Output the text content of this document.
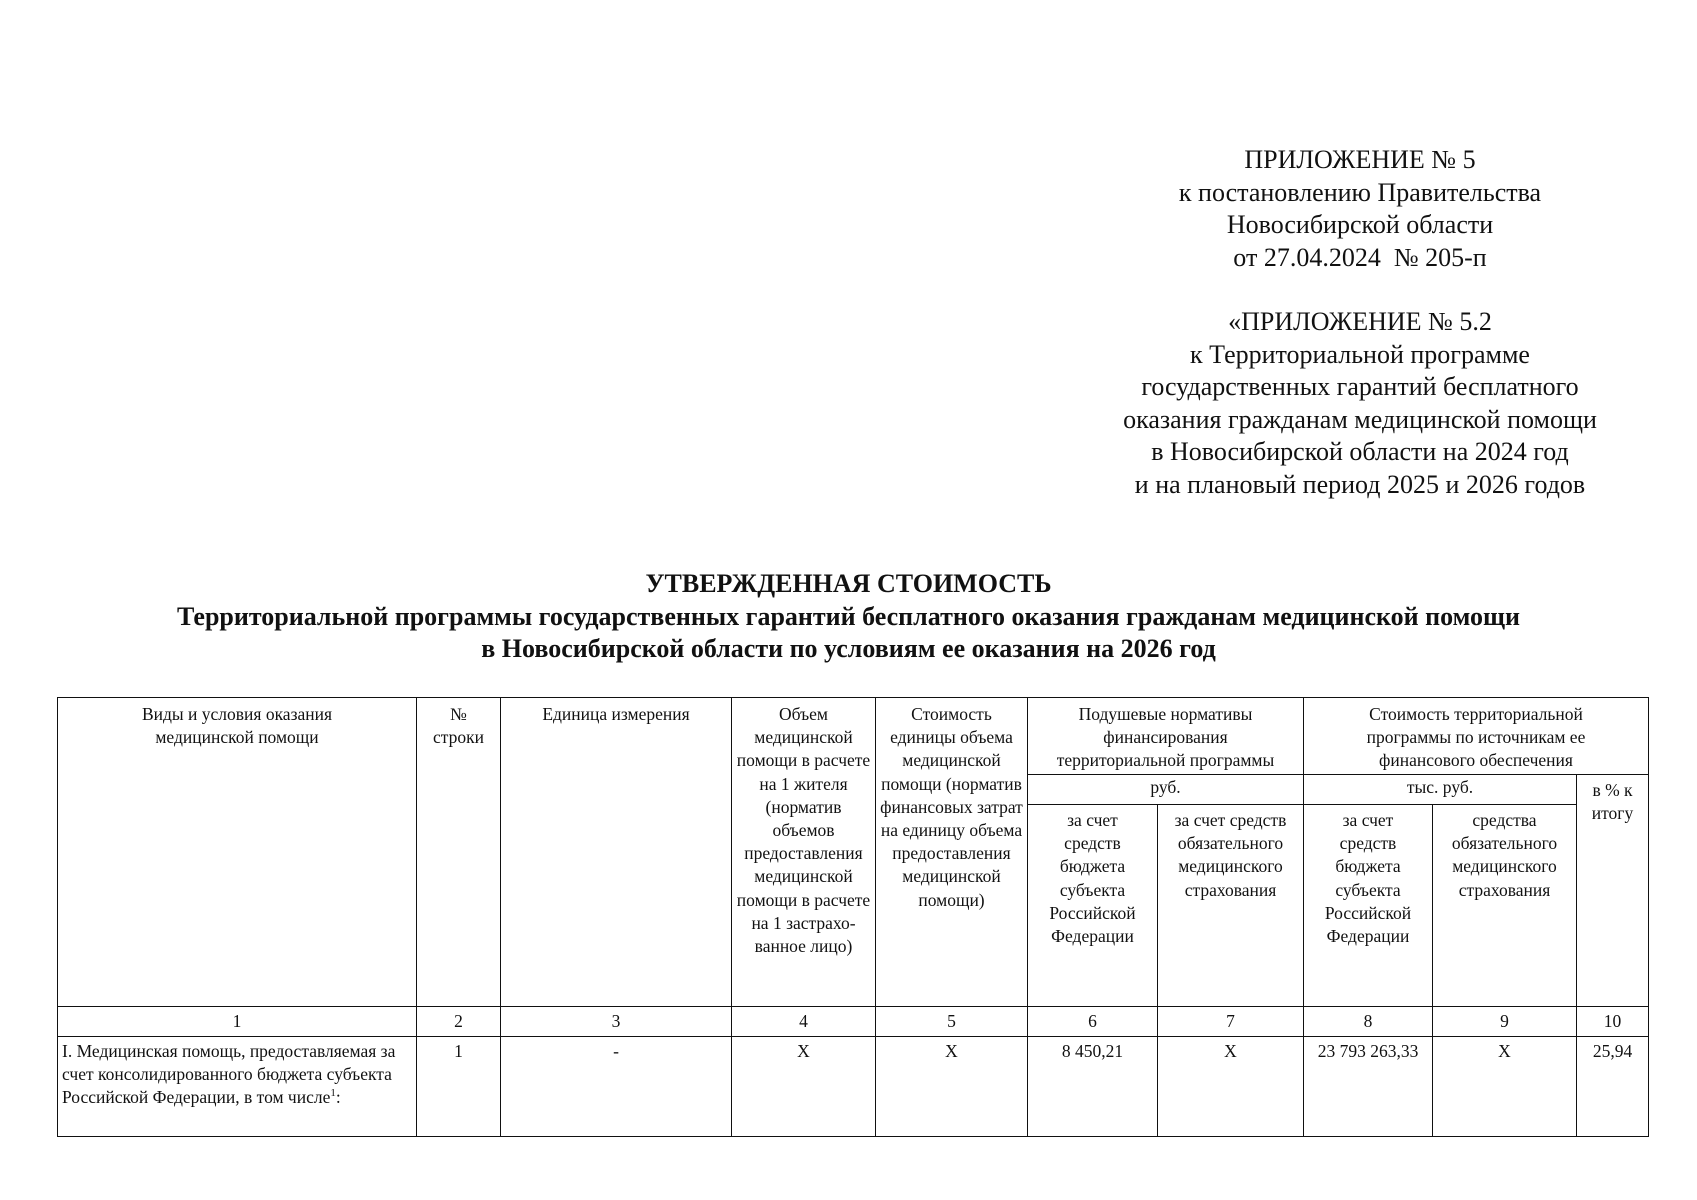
ПРИЛОЖЕНИЕ № 5
к постановлению Правительства
Новосибирской области
от 27.04.2024  № 205-п
«ПРИЛОЖЕНИЕ № 5.2
к Территориальной программе
государственных гарантий бесплатного
оказания гражданам медицинской помощи
в Новосибирской области на 2024 год
и на плановый период 2025 и 2026 годов
УТВЕРЖДЕННАЯ СТОИМОСТЬ
Территориальной программы государственных гарантий бесплатного оказания гражданам медицинской помощи
в Новосибирской области по условиям ее оказания на 2026 год
Виды и условия оказания медицинской помощи	№ строки	Единица измерения	Объем медицинской помощи в расчете на 1 жителя (норматив объемов предоставления медицинской помощи в расчете на 1 застрахо-ванное лицо)	Стоимость единицы объема медицинской помощи (норматив финансовых затрат на единицу объема предоставления медицинской помощи)	Подушевые нормативы финансирования территориальной программы		Стоимость территориальной программы по источникам ее финансового обеспечения		
					руб.		тыс. руб.		в % к итогу
					за счет средств бюджета субъекта Российской Федерации	за счет средств обязательного медицинского страхования	за счет средств бюджета субъекта Российской Федерации	средства обязательного медицинского страхования	
1	2	3	4	5	6	7	8	9	10
I. Медицинская помощь, предоставляемая за счет консолидированного бюджета субъекта Российской Федерации, в том числе$^1$:	1	-	X	X	8 450,21	X	23 793 263,33	X	25,94
